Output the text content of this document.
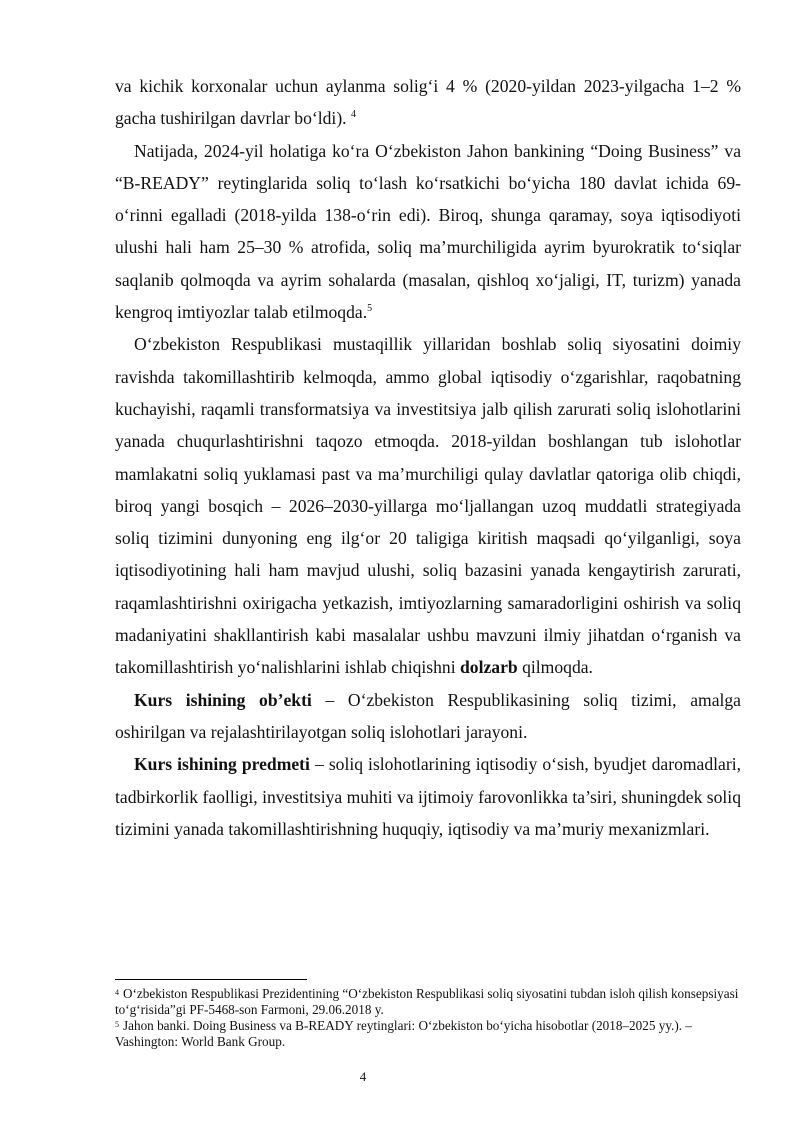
va kichik korxonalar uchun aylanma solig‘i 4 % (2020-yildan 2023-yilgacha 1–2 % gacha tushirilgan davrlar bo‘ldi). $^4$

Natijada, 2024-yil holatiga ko‘ra O‘zbekiston Jahon bankining “Doing Business” va “B-READY” reytinglarida soliq to‘lash ko‘rsatkichi bo‘yicha 180 davlat ichida 69-o‘rinni egalladi (2018-yilda 138-o‘rin edi). Biroq, shunga qaramay, soya iqtisodiyoti ulushi hali ham 25–30 % atrofida, soliq ma’murchiligida ayrim byurokratik to‘siqlar saqlanib qolmoqda va ayrim sohalarda (masalan, qishloq xo‘jaligi, IT, turizm) yanada kengroq imtiyozlar talab etilmoqda.$^5$

O‘zbekiston Respublikasi mustaqillik yillaridan boshlab soliq siyosatini doimiy ravishda takomillashtirib kelmoqda, ammo global iqtisodiy o‘zgarishlar, raqobatning kuchayishi, raqamli transformatsiya va investitsiya jalb qilish zarurati soliq islohotlarini yanada chuqurlashtirishni taqozo etmoqda. 2018-yildan boshlangan tub islohotlar mamlakatni soliq yuklamasi past va ma’murchiligi qulay davlatlar qatoriga olib chiqdi, biroq yangi bosqich – 2026–2030-yillarga mo‘ljallangan uzoq muddatli strategiyada soliq tizimini dunyoning eng ilg‘or 20 taligiga kiritish maqsadi qo‘yilganligi, soya iqtisodiyotining hali ham mavjud ulushi, soliq bazasini yanada kengaytirish zarurati, raqamlashtirishni oxirigacha yetkazish, imtiyozlarning samaradorligini oshirish va soliq madaniyatini shakllantirish kabi masalalar ushbu mavzuni ilmiy jihatdan o‘rganish va takomillashtirish yo‘nalishlarini ishlab chiqishni dolzarb qilmoqda.

Kurs ishining ob’ekti – O‘zbekiston Respublikasining soliq tizimi, amalga oshirilgan va rejalashtirilayotgan soliq islohotlari jarayoni.

Kurs ishining predmeti – soliq islohotlarining iqtisodiy o‘sish, byudjet daromadlari, tadbirkorlik faolligi, investitsiya muhiti va ijtimoiy farovonlikka ta’siri, shuningdek soliq tizimini yanada takomillashtirishning huquqiy, iqtisodiy va ma’muriy mexanizmlari.

$^4$ O‘zbekiston Respublikasi Prezidentining “O‘zbekiston Respublikasi soliq siyosatini tubdan isloh qilish konsepsiyasi to‘g‘risida”gi PF-5468-son Farmoni, 29.06.2018 y.

$^5$ Jahon banki. Doing Business va B-READY reytinglari: O‘zbekiston bo‘yicha hisobotlar (2018–2025 yy.). – Vashington: World Bank Group.

4
